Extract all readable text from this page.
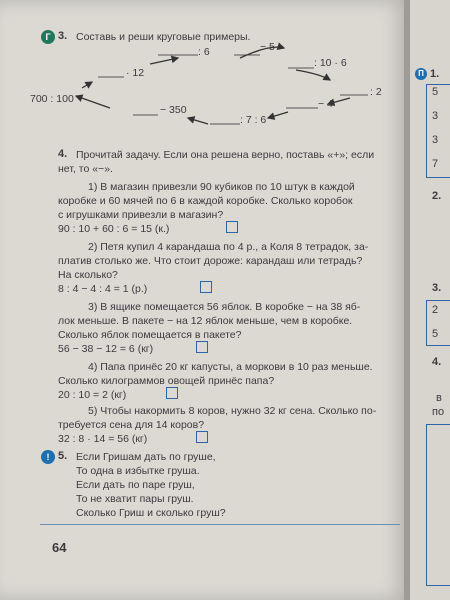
Г 3. Составь и реши круговые примеры.
: 6	− 5
: 10 · 6
: 2
− 4
: 7 : 6
− 350
700 : 100
· 12
4. Прочитай задачу. Если она решена верно, поставь «+»; если
нет, то «−».
1) В магазин привезли 90 кубиков по 10 штук в каждой
коробке и 60 мячей по 6 в каждой коробке. Сколько коробок
с игрушками привезли в магазин?
90 : 10 + 60 : 6 = 15 (к.)
2) Петя купил 4 карандаша по 4 р., а Коля 8 тетрадок, за-
платив столько же. Что стоит дороже: карандаш или тетрадь?
На сколько?
8 : 4 − 4 : 4 = 1 (р.)
3) В ящике помещается 56 яблок. В коробке − на 38 яб-
лок меньше. В пакете − на 12 яблок меньше, чем в коробке.
Сколько яблок помещается в пакете?
56 − 38 − 12 = 6 (кг)
4) Папа принёс 20 кг капусты, а моркови в 10 раз меньше.
Сколько килограммов овощей принёс папа?
20 : 10 = 2 (кг)
5) Чтобы накормить 8 коров, нужно 32 кг сена. Сколько по-
требуется сена для 14 коров?
32 : 8 · 14 = 56 (кг)
! 5. Если Гришам дать по груше,
То одна в избытке груша.
Если дать по паре груш,
То не хватит пары груш.
Сколько Гриш и сколько груш?
64
П 1.
5
3
3
7
2.
3.
2
5
4.
в
по
